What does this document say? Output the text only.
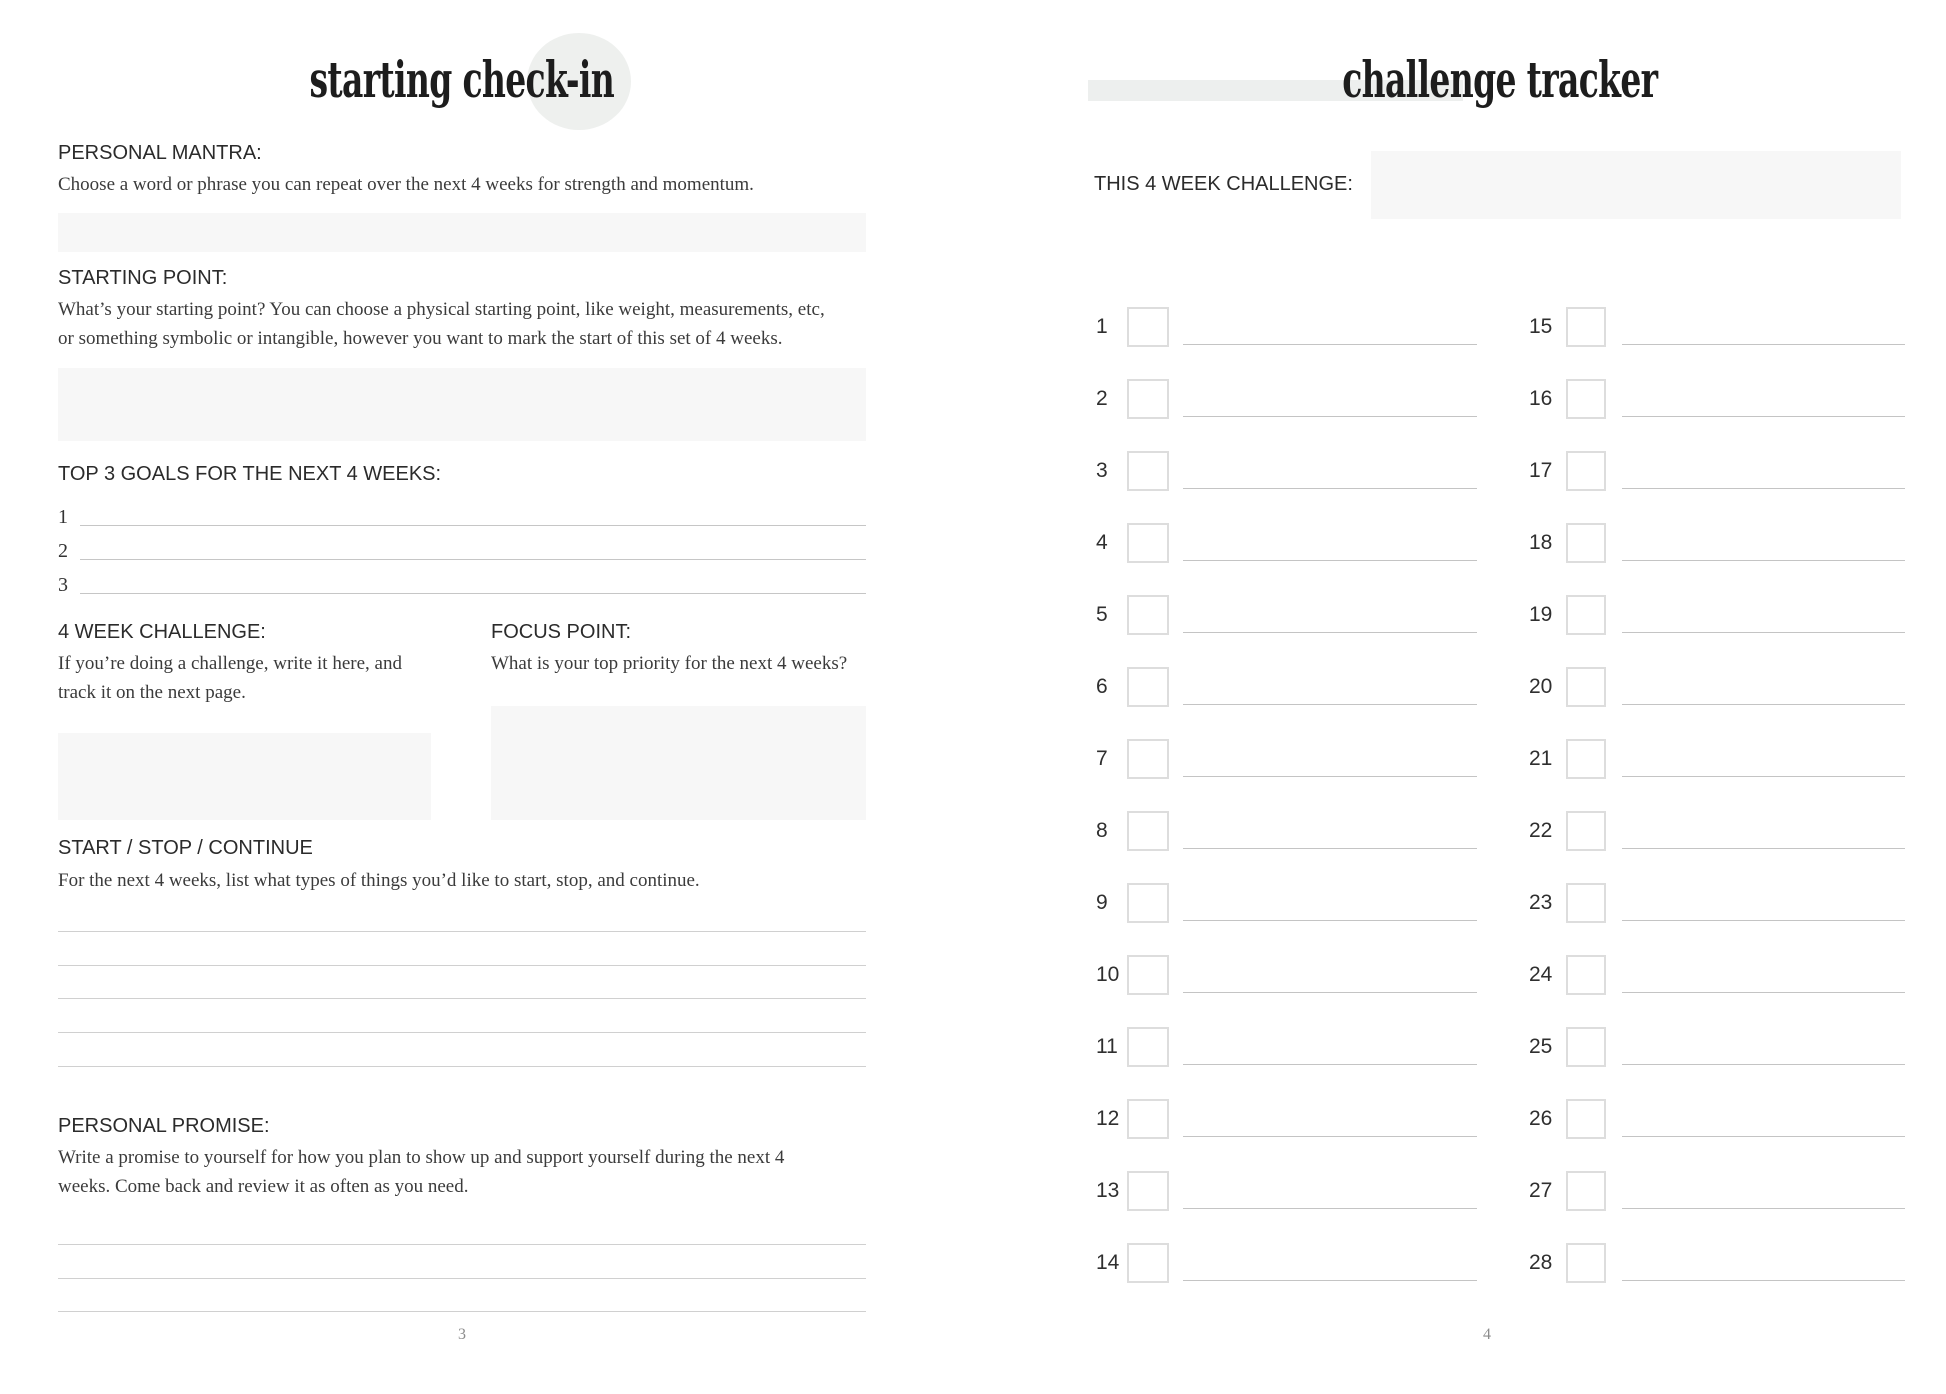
starting check-in
PERSONAL MANTRA:
Choose a word or phrase you can repeat over the next 4 weeks for strength and momentum.
STARTING POINT:
What’s your starting point? You can choose a physical starting point, like weight, measurements, etc,
or something symbolic or intangible, however you want to mark the start of this set of 4 weeks.
TOP 3 GOALS FOR THE NEXT 4 WEEKS:
1
2
3
4 WEEK CHALLENGE:
If you’re doing a challenge, write it here, and
track it on the next page.
FOCUS POINT:
What is your top priority for the next 4 weeks?
START / STOP / CONTINUE
For the next 4 weeks, list what types of things you’d like to start, stop, and continue.
PERSONAL PROMISE:
Write a promise to yourself for how you plan to show up and support yourself during the next 4
weeks. Come back and review it as often as you need.
3
challenge tracker
THIS 4 WEEK CHALLENGE:
1
2
3
4
5
6
7
8
9
10
11
12
13
14
15
16
17
18
19
20
21
22
23
24
25
26
27
28
4
